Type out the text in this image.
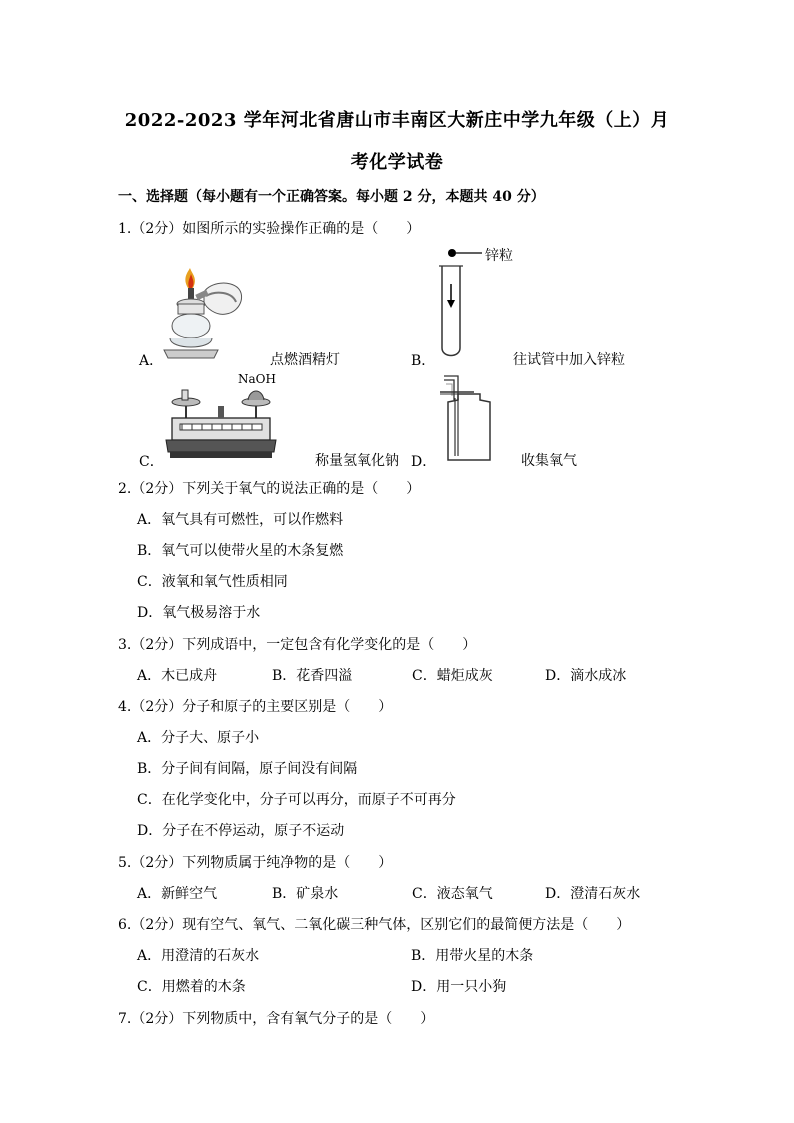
2022-2023 学年河北省唐山市丰南区大新庄中学九年级（上）月
考化学试卷
一、选择题（每小题有一个正确答案。每小题 2 分，本题共 40 分）
1.（2分）如图所示的实验操作正确的是（　　）
A．	点燃酒精灯
锌粒
B．	往试管中加入锌粒
NaOH
C．	称量氢氧化钠 D．	收集氧气
2.（2分）下列关于氧气的说法正确的是（　　）
A．氧气具有可燃性，可以作燃料
B．氧气可以使带火星的木条复燃
C．液氧和氧气性质相同
D．氧气极易溶于水
3.（2分）下列成语中，一定包含有化学变化的是（　　）
A．木已成舟	B．花香四溢	C．蜡炬成灰	D．滴水成冰
4.（2分）分子和原子的主要区别是（　　）
A．分子大、原子小
B．分子间有间隔，原子间没有间隔
C．在化学变化中，分子可以再分，而原子不可再分
D．分子在不停运动，原子不运动
5.（2分）下列物质属于纯净物的是（　　）
A．新鲜空气	B．矿泉水	C．液态氧气	D．澄清石灰水
6.（2分）现有空气、氧气、二氧化碳三种气体，区别它们的最简便方法是（　　）
A．用澄清的石灰水	B．用带火星的木条
C．用燃着的木条	D．用一只小狗
7.（2分）下列物质中，含有氧气分子的是（　　）
